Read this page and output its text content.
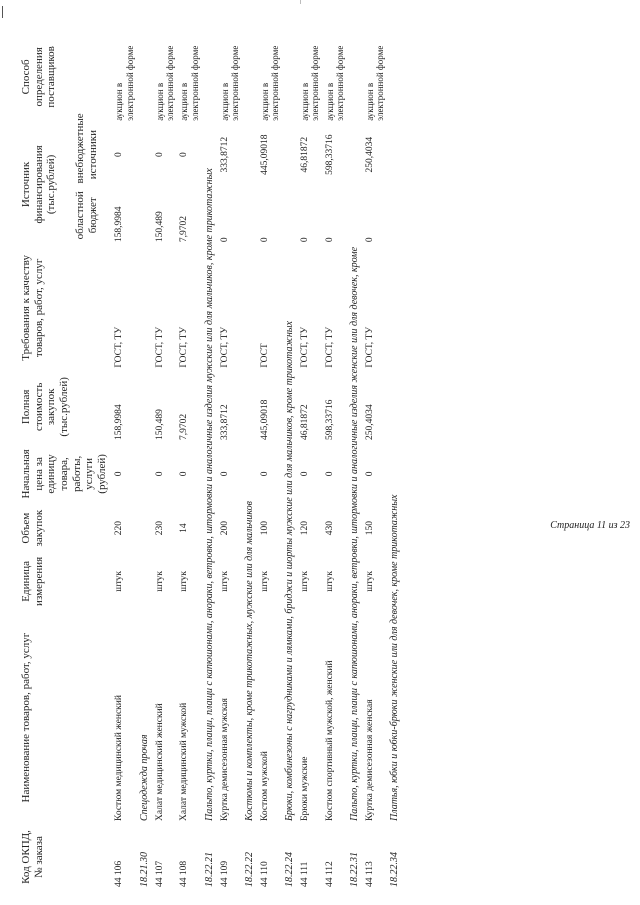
Код ОКПД, № заказа	Наименование товаров, работ, услуг	Единица измерения	Объем закупок	Начальная цена за единицу товара, работы, услуги (рублей)	Полная стоимость закупок (тыс.рублей)	Требования к качеству товаров, работ, услуг	Источник финансирования (тыс.рублей)		Способ определения поставщиков
							областной бюджет	внебюджетные источники	
44 106	Костюм медицинский женский	штук	220	0	158,9984	ГОСТ, ТУ	158,9984	0	аукцион в электронной форме
18.21.30	Спецодежда прочая								
44 107	Халат медицинский женский	штук	230	0	150,489	ГОСТ, ТУ	150,489	0	аукцион в электронной форме
44 108	Халат медицинский мужской	штук	14	0	7,9702	ГОСТ, ТУ	7,9702	0	аукцион в электронной форме
18.22.21	Пальто, куртки, плащи, плащи с капюшонами, анораки, ветровки, штормовки и аналогичные изделия мужские или для мальчиков, кроме трикотажных								
44 109	Куртка демисезонная мужская	штук	200	0	333,8712	ГОСТ, ТУ	0	333,8712	аукцион в электронной форме
18.22.22	Костюмы и комплекты, кроме трикотажных, мужские или для мальчиков								
44 110	Костюм мужской	штук	100	0	445,09018	ГОСТ	0	445,09018	аукцион в электронной форме
18.22.24	Брюки, комбинезоны с нагрудниками и лямками, бриджи и шорты мужские или для мальчиков, кроме трикотажных								
44 111	Брюки мужские	штук	120	0	46,81872	ГОСТ, ТУ	0	46,81872	аукцион в электронной форме
44 112	Костюм спортивный мужской, женский	штук	430	0	598,33716	ГОСТ, ТУ	0	598,33716	аукцион в электронной форме
18.22.31	Пальто, куртки, плащи, плащи с капюшонами, анораки, ветровки, штормовки и аналогичные изделия женские или для девочек, кроме								
44 113	Куртка демисезонная женская	штук	150	0	250,4034	ГОСТ, ТУ	0	250,4034	аукцион в электронной форме
18.22.34	Платья, юбки и юбки-брюки женские или для девочек, кроме трикотажных									Страница 11 из 23
